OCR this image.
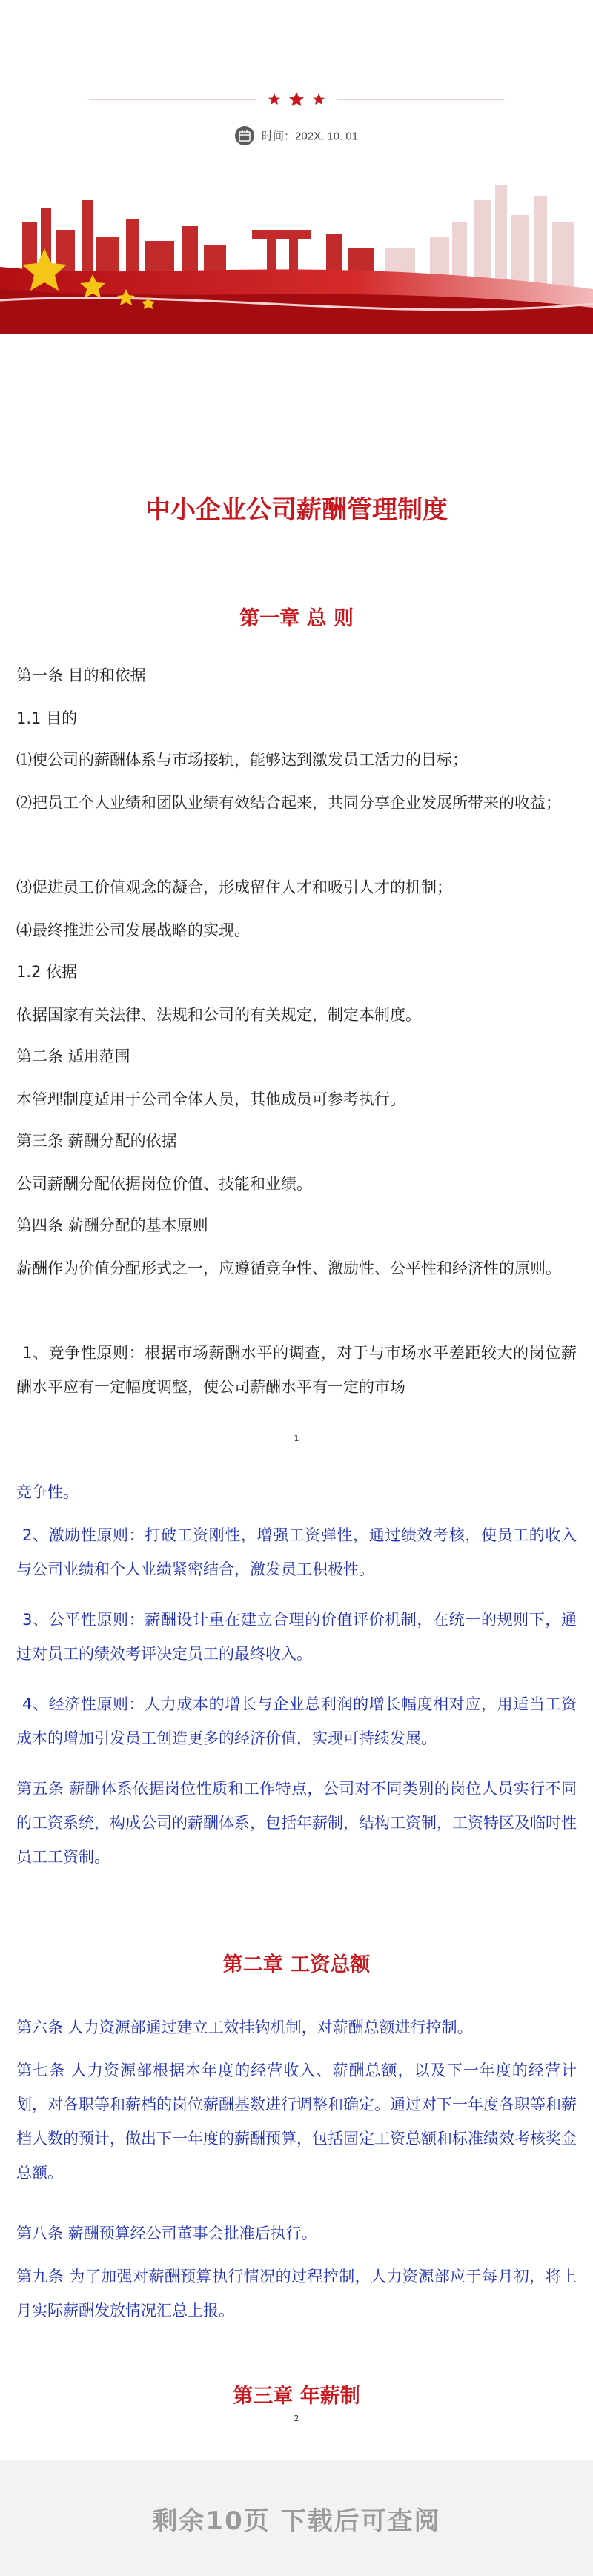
时间：202X. 10. 01
中小企业公司薪酬管理制度
第一章 总 则
第一条 目的和依据
1.1 目的
⑴使公司的薪酬体系与市场接轨，能够达到激发员工活力的目标；
⑵把员工个人业绩和团队业绩有效结合起来，共同分享企业发展所带来的收益；
⑶促进员工价值观念的凝合，形成留住人才和吸引人才的机制；
⑷最终推进公司发展战略的实现。
1.2 依据
依据国家有关法律、法规和公司的有关规定，制定本制度。
第二条 适用范围
本管理制度适用于公司全体人员，其他成员可参考执行。
第三条 薪酬分配的依据
公司薪酬分配依据岗位价值、技能和业绩。
第四条 薪酬分配的基本原则
薪酬作为价值分配形式之一，应遵循竞争性、激励性、公平性和经济性的原则。
1、竞争性原则：根据市场薪酬水平的调查，对于与市场水平差距较大的岗位薪酬水平应有一定幅度调整，使公司薪酬水平有一定的市场
1
竞争性。
2、激励性原则：打破工资刚性，增强工资弹性，通过绩效考核，使员工的收入与公司业绩和个人业绩紧密结合，激发员工积极性。
3、公平性原则：薪酬设计重在建立合理的价值评价机制，在统一的规则下，通过对员工的绩效考评决定员工的最终收入。
4、经济性原则：人力成本的增长与企业总利润的增长幅度相对应，用适当工资成本的增加引发员工创造更多的经济价值，实现可持续发展。
第五条 薪酬体系依据岗位性质和工作特点，公司对不同类别的岗位人员实行不同的工资系统，构成公司的薪酬体系，包括年薪制，结构工资制，工资特区及临时性员工工资制。
第二章 工资总额
第六条 人力资源部通过建立工效挂钩机制，对薪酬总额进行控制。
第七条 人力资源部根据本年度的经营收入、薪酬总额，以及下一年度的经营计划，对各职等和薪档的岗位薪酬基数进行调整和确定。通过对下一年度各职等和薪档人数的预计，做出下一年度的薪酬预算，包括固定工资总额和标准绩效考核奖金总额。
第八条 薪酬预算经公司董事会批准后执行。
第九条 为了加强对薪酬预算执行情况的过程控制，人力资源部应于每月初，将上月实际薪酬发放情况汇总上报。
第三章 年薪制
2
剩余10页 下载后可查阅
